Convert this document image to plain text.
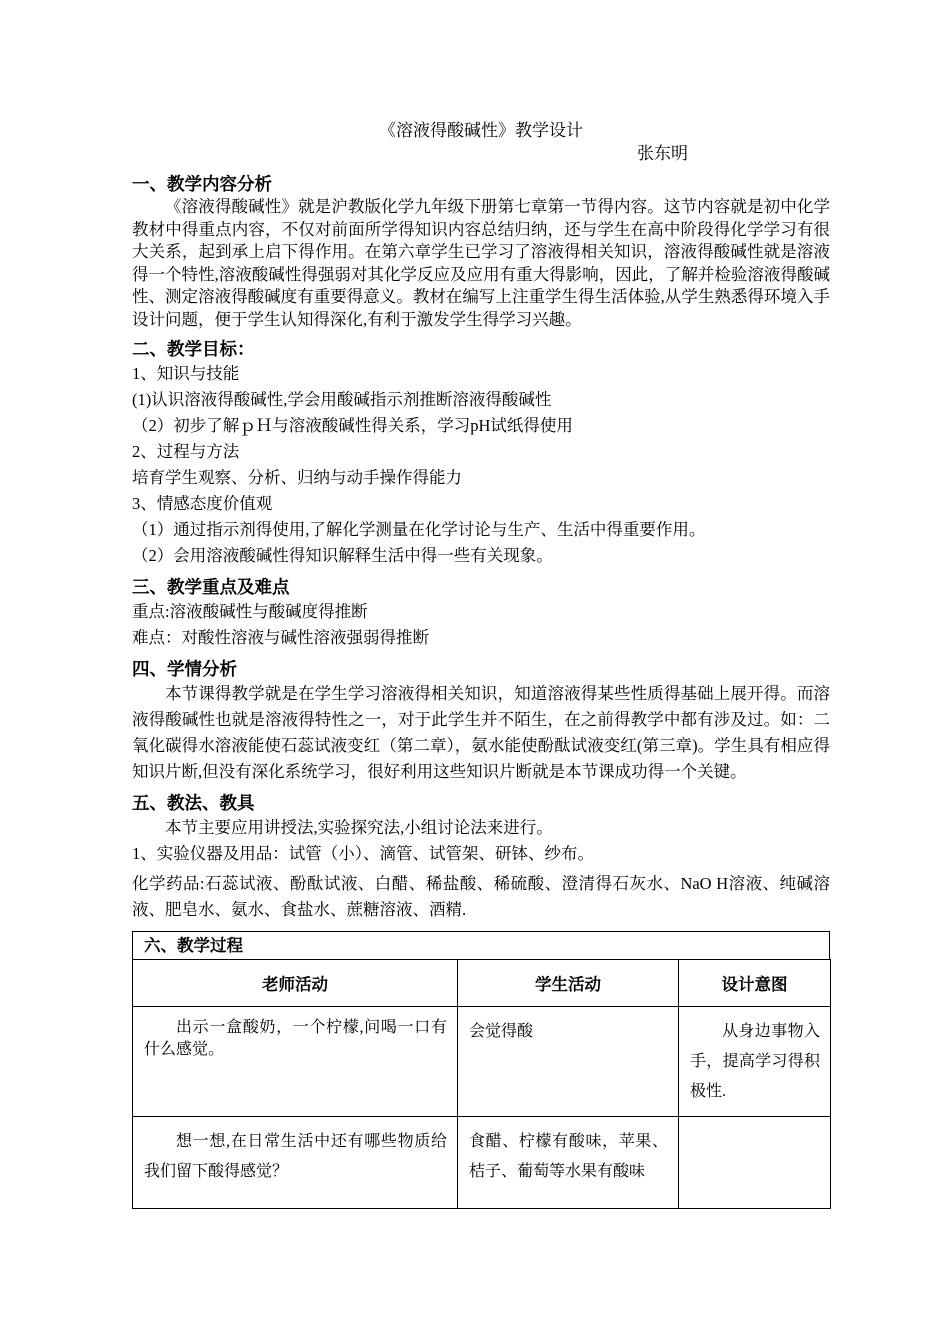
《溶液得酸碱性》教学设计
张东明
一、教学内容分析

《溶液得酸碱性》就是沪教版化学九年级下册第七章第一节得内容。这节内容就是初中化学教材中得重点内容，不仅对前面所学得知识内容总结归纳，还与学生在高中阶段得化学学习有很大关系，起到承上启下得作用。在第六章学生已学习了溶液得相关知识，溶液得酸碱性就是溶液得一个特性,溶液酸碱性得强弱对其化学反应及应用有重大得影响，因此，了解并检验溶液得酸碱性、测定溶液得酸碱度有重要得意义。教材在编写上注重学生得生活体验,从学生熟悉得环境入手设计问题，便于学生认知得深化,有利于激发学生得学习兴趣。

二、教学目标：
1、知识与技能
(1)认识溶液得酸碱性,学会用酸碱指示剂推断溶液得酸碱性
（2）初步了解ｐＨ与溶液酸碱性得关系，学习pH试纸得使用
2、过程与方法
培育学生观察、分析、归纳与动手操作得能力
3、情感态度价值观
（1）通过指示剂得使用,了解化学测量在化学讨论与生产、生活中得重要作用。
（2）会用溶液酸碱性得知识解释生活中得一些有关现象。
三、教学重点及难点
重点:溶液酸碱性与酸碱度得推断
难点：对酸性溶液与碱性溶液强弱得推断
四、学情分析

本节课得教学就是在学生学习溶液得相关知识，知道溶液得某些性质得基础上展开得。而溶液得酸碱性也就是溶液得特性之一，对于此学生并不陌生，在之前得教学中都有涉及过。如：二氧化碳得水溶液能使石蕊试液变红（第二章），氨水能使酚酞试液变红(第三章)。学生具有相应得知识片断,但没有深化系统学习，很好利用这些知识片断就是本节课成功得一个关键。

五、教法、教具

本节主要应用讲授法,实验探究法,小组讨论法来进行。

1、实验仪器及用品：试管（小）、滴管、试管架、研钵、纱布。

化学药品:石蕊试液、酚酞试液、白醋、稀盐酸、稀硫酸、澄清得石灰水、NaO H溶液、纯碱溶液、肥皂水、氨水、食盐水、蔗糖溶液、酒精.

六、教学过程
老师活动	学生活动	设计意图
出示一盒酸奶，一个柠檬,问喝一口有什么感觉。	会觉得酸	从身边事物入手，提高学习得积极性.
想一想,在日常生活中还有哪些物质给我们留下酸得感觉？	食醋、柠檬有酸味，苹果、桔子、葡萄等水果有酸味	
